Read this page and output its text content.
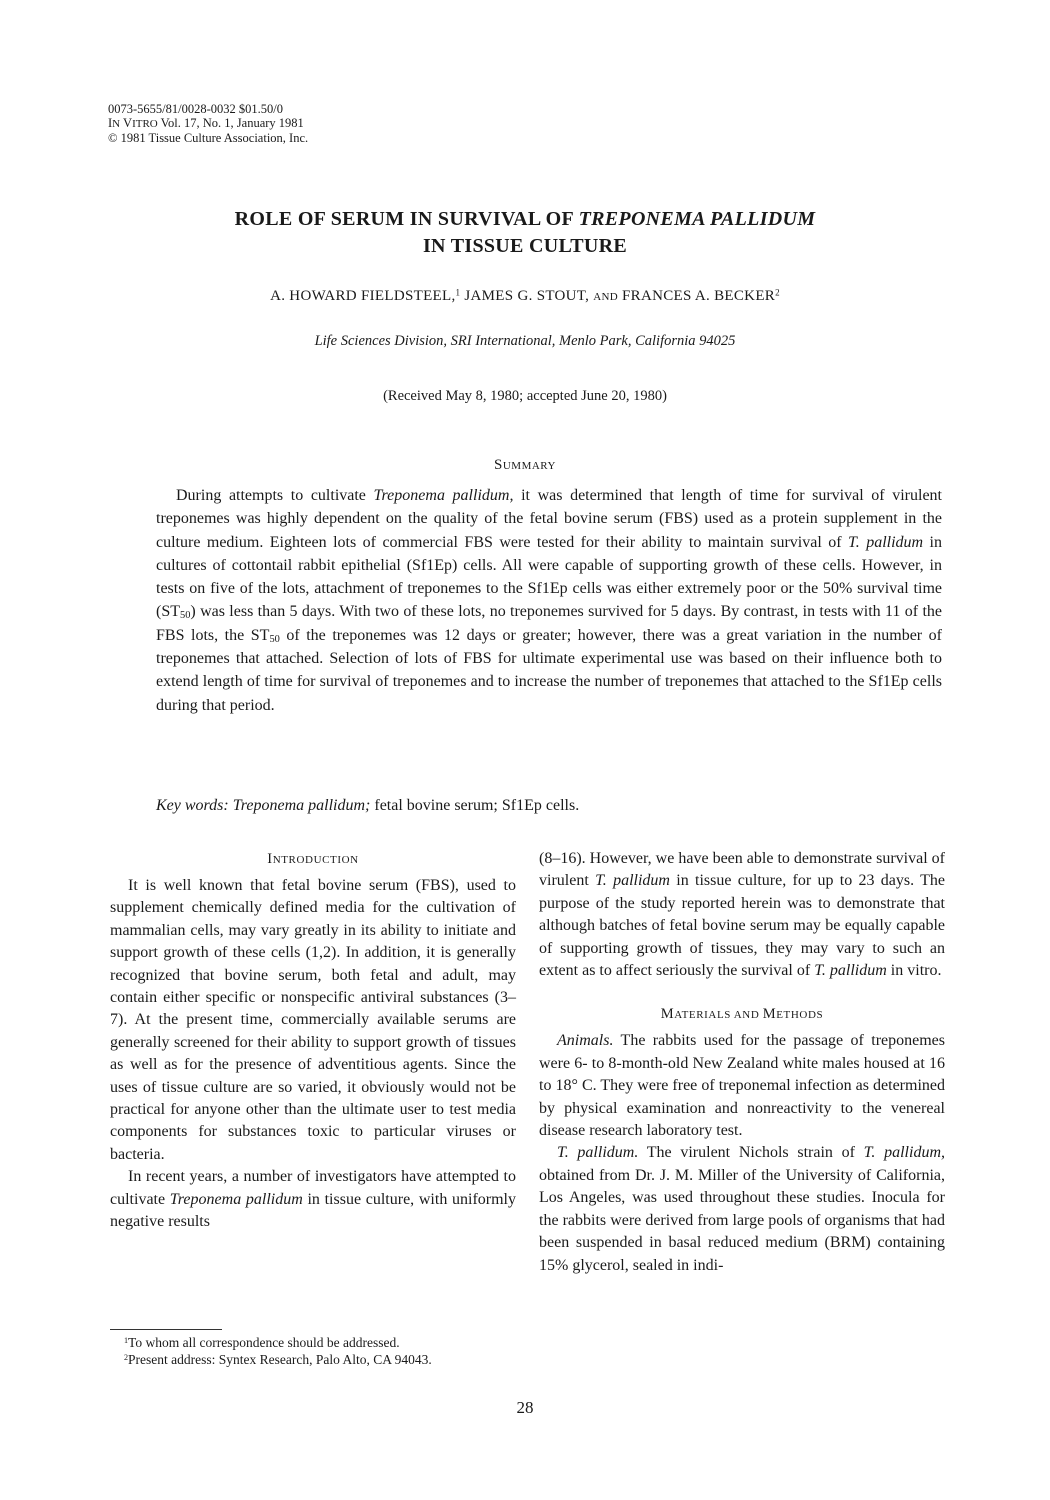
0073-5655/81/0028-0032 $01.50/0
IN VITRO Vol. 17, No. 1, January 1981
© 1981 Tissue Culture Association, Inc.
ROLE OF SERUM IN SURVIVAL OF TREPONEMA PALLIDUM
IN TISSUE CULTURE
A. HOWARD FIELDSTEEL,$^1$ JAMES G. STOUT, AND FRANCES A. BECKER$^2$
Life Sciences Division, SRI International, Menlo Park, California 94025
(Received May 8, 1980; accepted June 20, 1980)
SUMMARY

During attempts to cultivate Treponema pallidum, it was determined that length of time for survival of virulent treponemes was highly dependent on the quality of the fetal bovine serum (FBS) used as a protein supplement in the culture medium. Eighteen lots of commercial FBS were tested for their ability to maintain survival of T. pallidum in cultures of cottontail rabbit epithelial (Sf1Ep) cells. All were capable of supporting growth of these cells. However, in tests on five of the lots, attachment of treponemes to the Sf1Ep cells was either extremely poor or the 50% survival time $(ST_{50})$ was less than 5 days. With two of these lots, no treponemes survived for 5 days. By contrast, in tests with 11 of the FBS lots, the $ST_{50}$ of the treponemes was 12 days or greater; however, there was a great variation in the number of treponemes that attached. Selection of lots of FBS for ultimate experimental use was based on their influence both to extend length of time for survival of treponemes and to increase the number of treponemes that attached to the Sf1Ep cells during that period.

Key words: Treponema pallidum; fetal bovine serum; Sf1Ep cells.

INTRODUCTION

It is well known that fetal bovine serum (FBS), used to supplement chemically defined media for the cultivation of mammalian cells, may vary greatly in its ability to initiate and support growth of these cells (1,2). In addition, it is generally recognized that bovine serum, both fetal and adult, may contain either specific or nonspecific antiviral substances (3–7). At the present time, commercially available serums are generally screened for their ability to support growth of tissues as well as for the presence of adventitious agents. Since the uses of tissue culture are so varied, it obviously would not be practical for anyone other than the ultimate user to test media components for substances toxic to particular viruses or bacteria.

In recent years, a number of investigators have attempted to cultivate Treponema pallidum in tissue culture, with uniformly negative results

(8–16). However, we have been able to demonstrate survival of virulent T. pallidum in tissue culture, for up to 23 days. The purpose of the study reported herein was to demonstrate that although batches of fetal bovine serum may be equally capable of supporting growth of tissues, they may vary to such an extent as to affect seriously the survival of T. pallidum in vitro.

MATERIALS AND METHODS

Animals. The rabbits used for the passage of treponemes were 6- to 8-month-old New Zealand white males housed at 16 to 18° C. They were free of treponemal infection as determined by physical examination and nonreactivity to the venereal disease research laboratory test.

T. pallidum. The virulent Nichols strain of T. pallidum, obtained from Dr. J. M. Miller of the University of California, Los Angeles, was used throughout these studies. Inocula for the rabbits were derived from large pools of organisms that had been suspended in basal reduced medium (BRM) containing 15% glycerol, sealed in indi-

$^1$To whom all correspondence should be addressed.
$^2$Present address: Syntex Research, Palo Alto, CA 94043.
28
